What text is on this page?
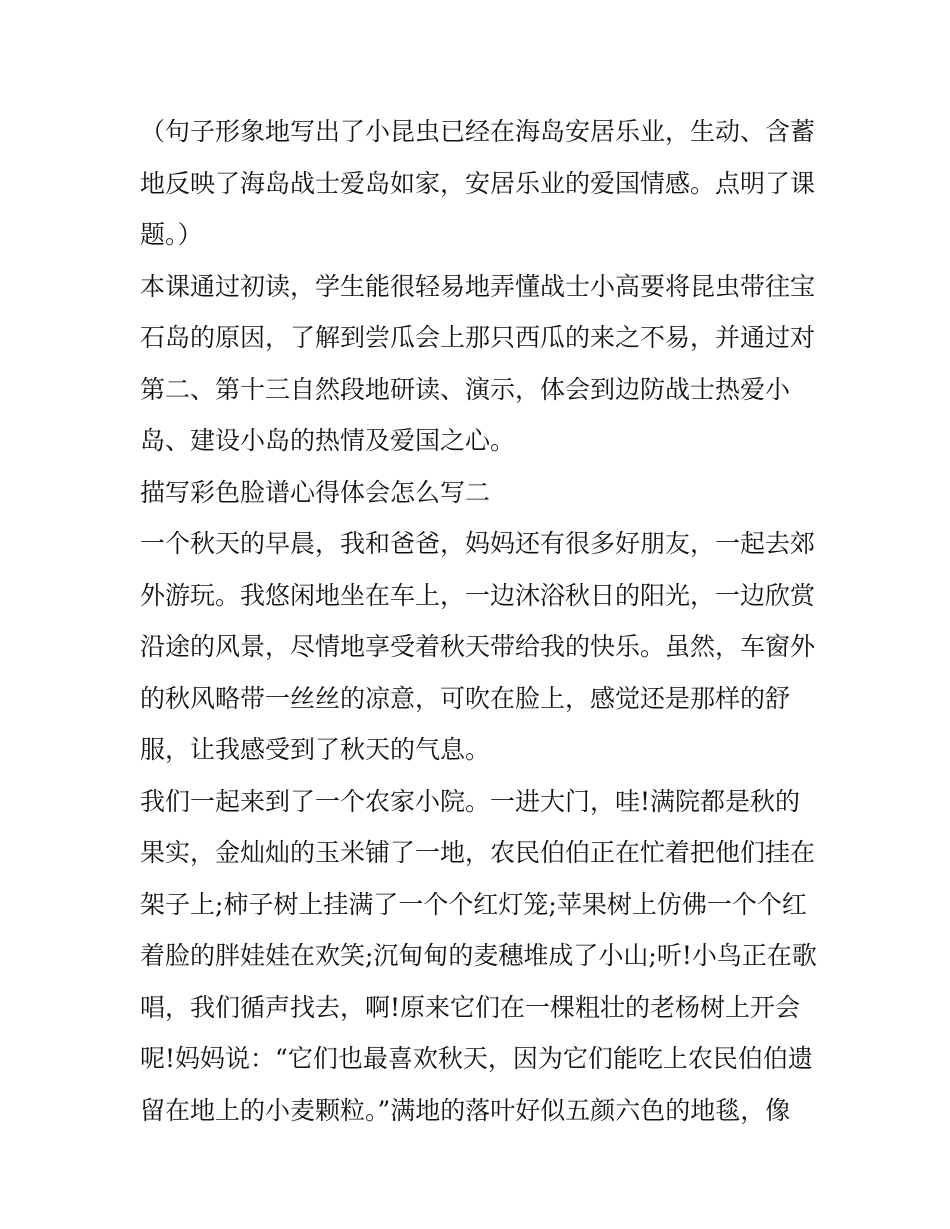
（句子形象地写出了小昆虫已经在海岛安居乐业，生动、含蓄
地反映了海岛战士爱岛如家，安居乐业的爱国情感。点明了课
题。）
本课通过初读，学生能很轻易地弄懂战士小高要将昆虫带往宝
石岛的原因，了解到尝瓜会上那只西瓜的来之不易，并通过对
第二、第十三自然段地研读、演示，体会到边防战士热爱小
岛、建设小岛的热情及爱国之心。
描写彩色脸谱心得体会怎么写二
一个秋天的早晨，我和爸爸，妈妈还有很多好朋友，一起去郊
外游玩。我悠闲地坐在车上，一边沐浴秋日的阳光，一边欣赏
沿途的风景，尽情地享受着秋天带给我的快乐。虽然，车窗外
的秋风略带一丝丝的凉意，可吹在脸上，感觉还是那样的舒
服，让我感受到了秋天的气息。
我们一起来到了一个农家小院。一进大门，哇!满院都是秋的
果实，金灿灿的玉米铺了一地，农民伯伯正在忙着把他们挂在
架子上;柿子树上挂满了一个个红灯笼;苹果树上仿佛一个个红
着脸的胖娃娃在欢笑;沉甸甸的麦穗堆成了小山;听!小鸟正在歌
唱，我们循声找去，啊!原来它们在一棵粗壮的老杨树上开会
呢!妈妈说：“它们也最喜欢秋天，因为它们能吃上农民伯伯遗
留在地上的小麦颗粒。”满地的落叶好似五颜六色的地毯，像
